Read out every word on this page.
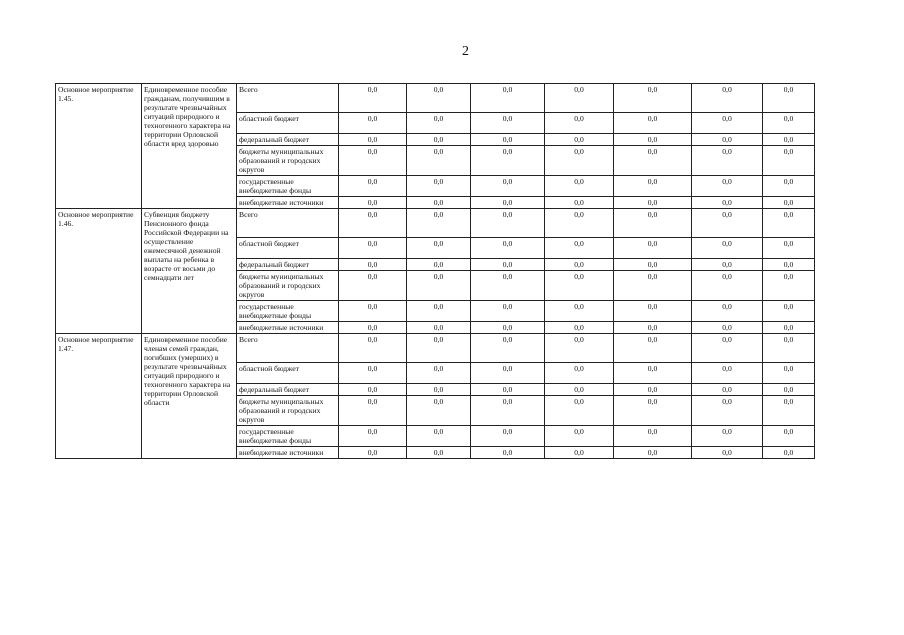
2
Основное мероприятие 1.45.	Единовременное пособие гражданам, получившим в результате чрезвычайных ситуаций природного и техногенного характера на территории Орловской области вред здоровью	Всего	0,0	0,0	0,0	0,0	0,0	0,0	0,0
		областной бюджет	0,0	0,0	0,0	0,0	0,0	0,0	0,0
		федеральный бюджет	0,0	0,0	0,0	0,0	0,0	0,0	0,0
		бюджеты муниципальных образований и городских округов	0,0	0,0	0,0	0,0	0,0	0,0	0,0
		государственные внебюджетные фонды	0,0	0,0	0,0	0,0	0,0	0,0	0,0
		внебюджетные источники	0,0	0,0	0,0	0,0	0,0	0,0	0,0
Основное мероприятие 1.46.	Субвенция бюджету Пенсионного фонда Российской Федерации на осуществление ежемесячной денежной выплаты на ребенка в возрасте от восьми до семнадцати лет	Всего	0,0	0,0	0,0	0,0	0,0	0,0	0,0
		областной бюджет	0,0	0,0	0,0	0,0	0,0	0,0	0,0
		федеральный бюджет	0,0	0,0	0,0	0,0	0,0	0,0	0,0
		бюджеты муниципальных образований и городских округов	0,0	0,0	0,0	0,0	0,0	0,0	0,0
		государственные внебюджетные фонды	0,0	0,0	0,0	0,0	0,0	0,0	0,0
		внебюджетные источники	0,0	0,0	0,0	0,0	0,0	0,0	0,0
Основное мероприятие 1.47.	Единовременное пособие членам семей граждан, погибших (умерших) в результате чрезвычайных ситуаций природного и техногенного характера на территории Орловской области	Всего	0,0	0,0	0,0	0,0	0,0	0,0	0,0
		областной бюджет	0,0	0,0	0,0	0,0	0,0	0,0	0,0
		федеральный бюджет	0,0	0,0	0,0	0,0	0,0	0,0	0,0
		бюджеты муниципальных образований и городских округов	0,0	0,0	0,0	0,0	0,0	0,0	0,0
		государственные внебюджетные фонды	0,0	0,0	0,0	0,0	0,0	0,0	0,0
		внебюджетные источники	0,0	0,0	0,0	0,0	0,0	0,0	0,0
